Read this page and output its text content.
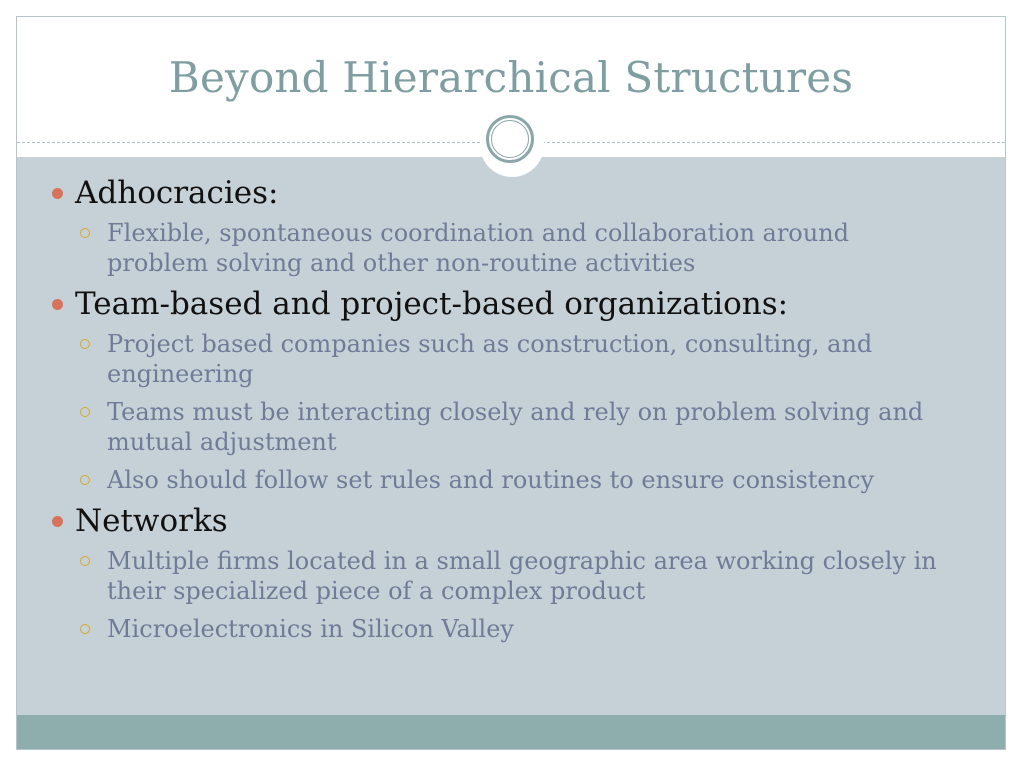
Beyond Hierarchical Structures
Adhocracies:
Flexible, spontaneous coordination and collaboration around problem solving and other non-routine activities
Team-based and project-based organizations:
Project based companies such as construction, consulting, and engineering
Teams must be interacting closely and rely on problem solving and mutual adjustment
Also should follow set rules and routines to ensure consistency
Networks
Multiple firms located in a small geographic area working closely in their specialized piece of a complex product
Microelectronics in Silicon Valley
